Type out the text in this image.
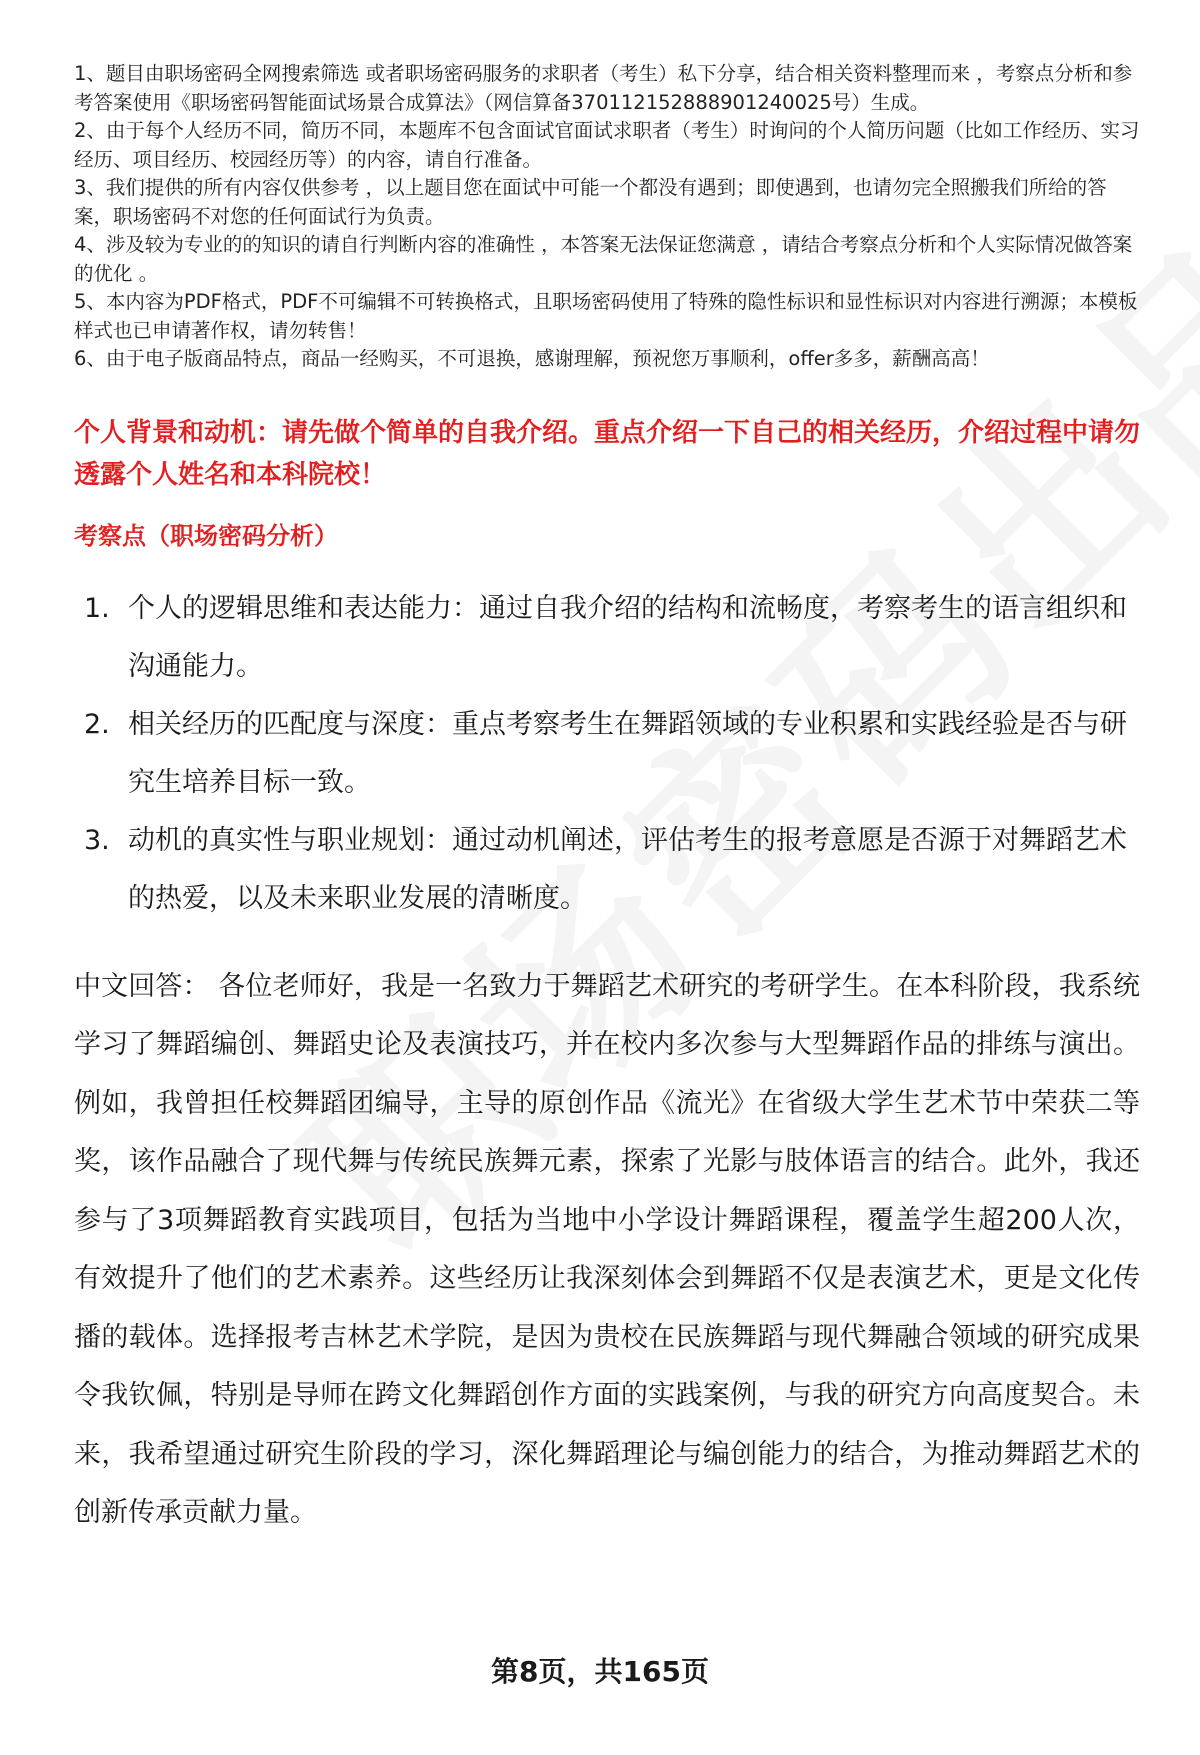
1、题目由职场密码全网搜索筛选 或者职场密码服务的求职者（考生）私下分享，结合相关资料整理而来 ，考察点分析和参考答案使用《职场密码智能面试场景合成算法》（网信算备370112152888901240025号）生成。

2、由于每个人经历不同，简历不同，本题库不包含面试官面试求职者（考生）时询问的个人简历问题（比如工作经历、实习经历、项目经历、校园经历等）的内容，请自行准备。

3、我们提供的所有内容仅供参考 ，以上题目您在面试中可能一个都没有遇到；即使遇到，也请勿完全照搬我们所给的答案，职场密码不对您的任何面试行为负责。

4、涉及较为专业的的知识的请自行判断内容的准确性 ，本答案无法保证您满意 ，请结合考察点分析和个人实际情况做答案的优化 。

5、本内容为PDF格式，PDF不可编辑不可转换格式，且职场密码使用了特殊的隐性标识和显性标识对内容进行溯源；本模板样式也已申请著作权，请勿转售！

6、由于电子版商品特点，商品一经购买，不可退换，感谢理解，预祝您万事顺利，offer多多，薪酬高高！

个人背景和动机：请先做个简单的自我介绍。重点介绍一下自己的相关经历，介绍过程中请勿透露个人姓名和本科院校！
考察点（职场密码分析）
1. 个人的逻辑思维和表达能力：通过自我介绍的结构和流畅度，考察考生的语言组织和沟通能力。
2. 相关经历的匹配度与深度：重点考察考生在舞蹈领域的专业积累和实践经验是否与研究生培养目标一致。
3. 动机的真实性与职业规划：通过动机阐述，评估考生的报考意愿是否源于对舞蹈艺术的热爱，以及未来职业发展的清晰度。
中文回答： 各位老师好，我是一名致力于舞蹈艺术研究的考研学生。在本科阶段，我系统学习了舞蹈编创、舞蹈史论及表演技巧，并在校内多次参与大型舞蹈作品的排练与演出。例如，我曾担任校舞蹈团编导，主导的原创作品《流光》在省级大学生艺术节中荣获二等奖，该作品融合了现代舞与传统民族舞元素，探索了光影与肢体语言的结合。此外，我还参与了3项舞蹈教育实践项目，包括为当地中小学设计舞蹈课程，覆盖学生超200人次，有效提升了他们的艺术素养。这些经历让我深刻体会到舞蹈不仅是表演艺术，更是文化传播的载体。选择报考吉林艺术学院，是因为贵校在民族舞蹈与现代舞融合领域的研究成果令我钦佩，特别是导师在跨文化舞蹈创作方面的实践案例，与我的研究方向高度契合。未来，我希望通过研究生阶段的学习，深化舞蹈理论与编创能力的结合，为推动舞蹈艺术的创新传承贡献力量。
第8页，共165页
